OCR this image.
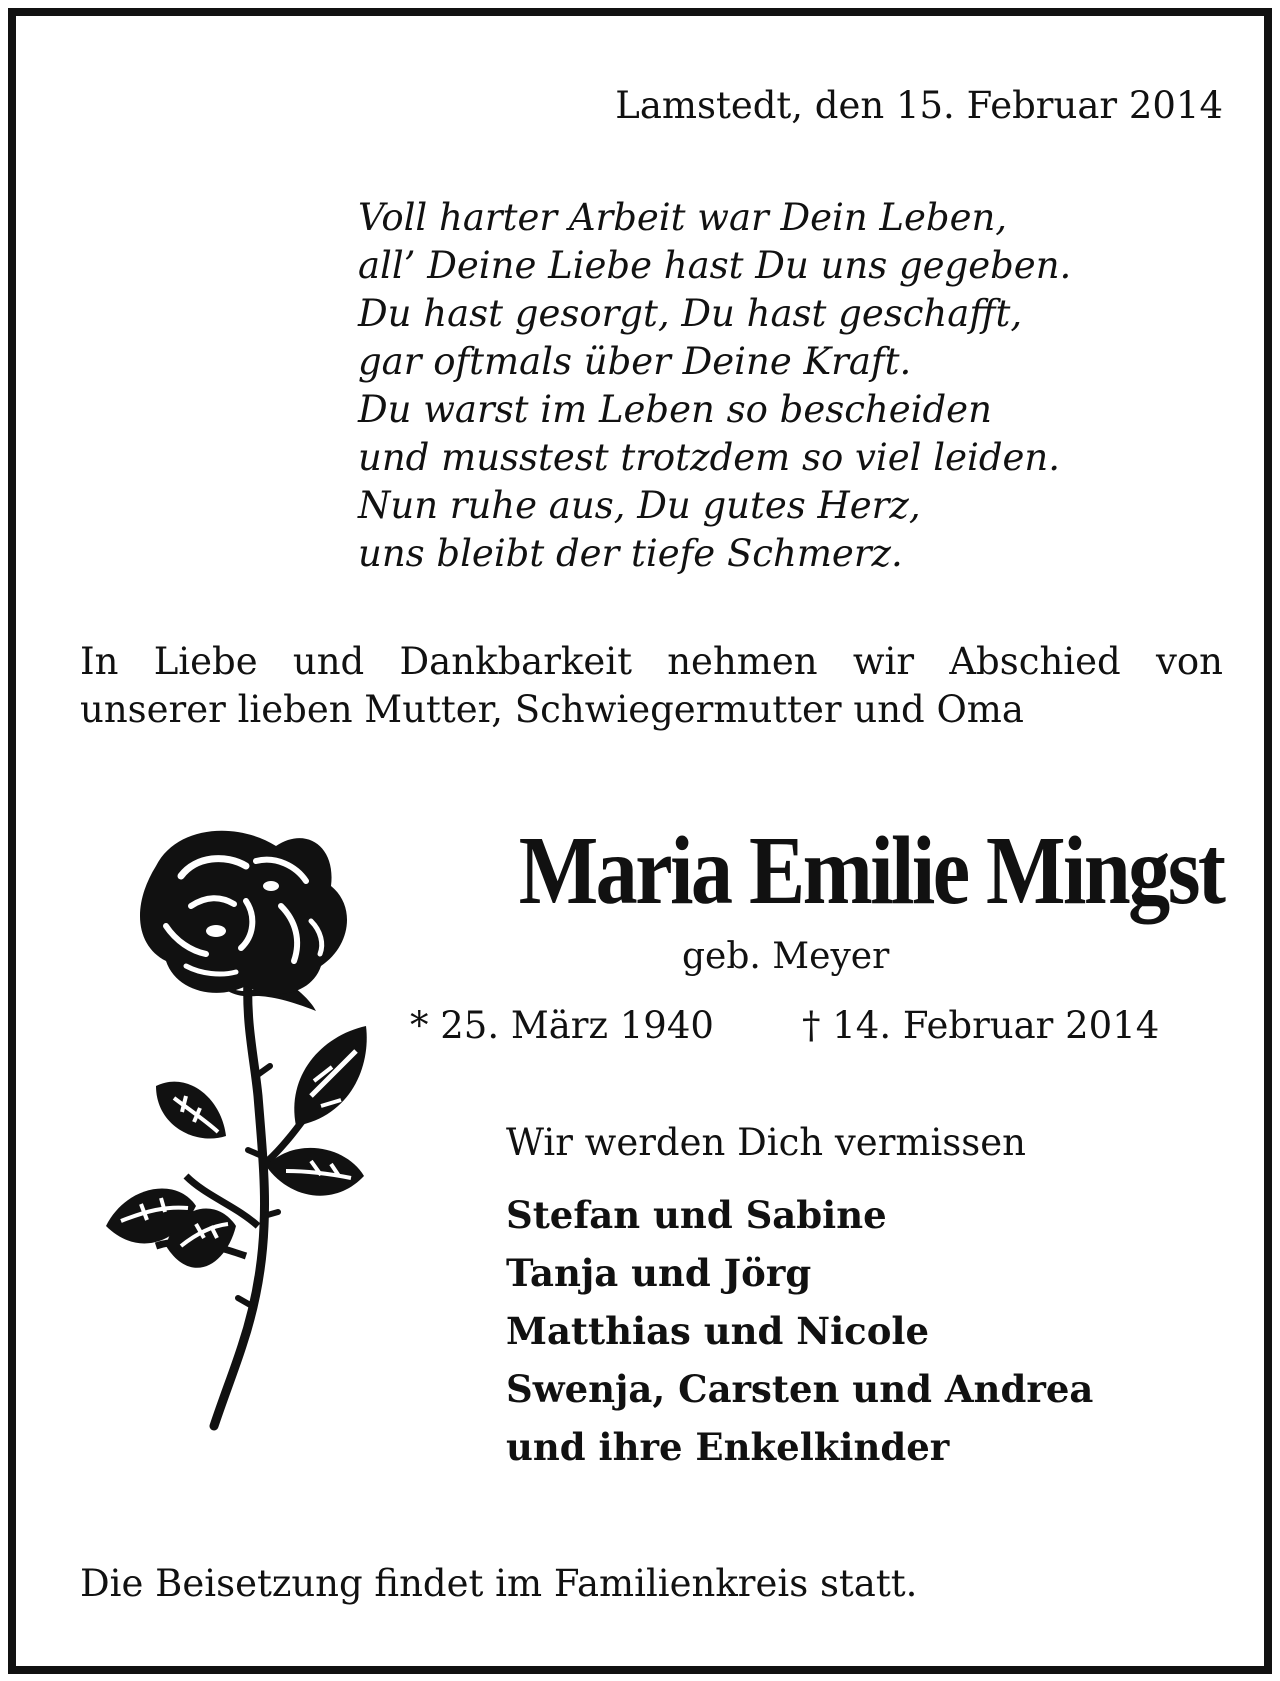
Lamstedt, den 15. Februar 2014
Voll harter Arbeit war Dein Leben,
all’ Deine Liebe hast Du uns gegeben.
Du hast gesorgt, Du hast geschafft,
gar oftmals über Deine Kraft.
Du warst im Leben so bescheiden
und musstest trotzdem so viel leiden.
Nun ruhe aus, Du gutes Herz,
uns bleibt der tiefe Schmerz.
In Liebe und Dankbarkeit nehmen wir Abschied von
unserer lieben Mutter, Schwiegermutter und Oma
Maria Emilie Mingst
geb. Meyer
* 25. März 1940 † 14. Februar 2014
Wir werden Dich vermissen
Stefan und Sabine
Tanja und Jörg
Matthias und Nicole
Swenja, Carsten und Andrea
und ihre Enkelkinder
Die Beisetzung findet im Familienkreis statt.
